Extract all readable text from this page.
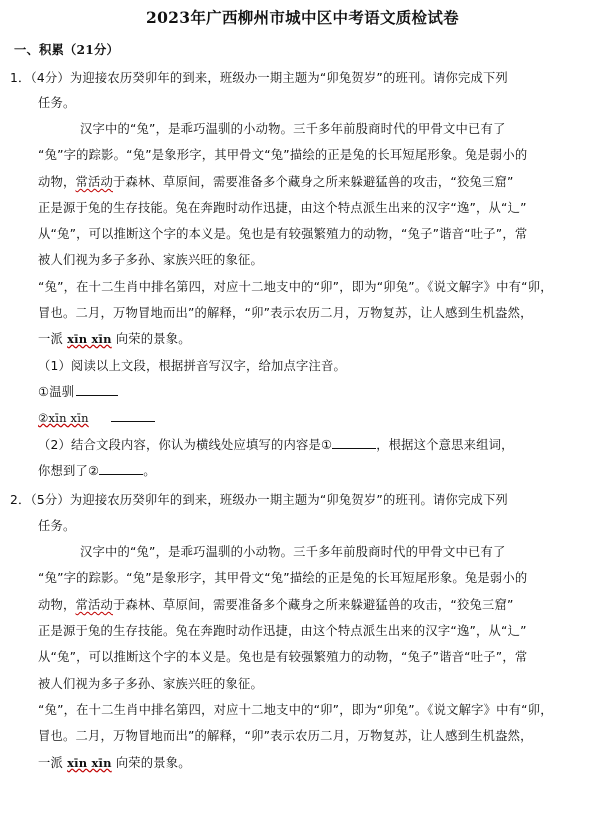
2023年广西柳州市城中区中考语文质检试卷
一、积累（21分）
1．（4分）为迎接农历癸卯年的到来，班级办一期主题为“卯兔贺岁”的班刊。请你完成下列
任务。
汉字中的“兔”，是乖巧温驯的小动物。三千多年前殷商时代的甲骨文中已有了
“兔”字的踪影。“兔”是象形字，其甲骨文“兔”描绘的正是兔的长耳短尾形象。兔是弱小的
动物，常活动于森林、草原间，需要准备多个藏身之所来躲避猛兽的攻击，“狡兔三窟”
正是源于兔的生存技能。兔在奔跑时动作迅捷，由这个特点派生出来的汉字“逸”，从“辶”
从“兔”，可以推断这个字的本义是。兔也是有较强繁殖力的动物，“兔子”谐音“吐子”，常
被人们视为多子多孙、家族兴旺的象征。
“兔”，在十二生肖中排名第四，对应十二地支中的“卯”，即为“卯兔”。《说文解字》中有“卯，
冒也。二月，万物冒地而出”的解释，“卯”表示农历二月，万物复苏，让人感到生机盎然，
一派 xīn xīn 向荣的景象。
（1）阅读以上文段，根据拼音写汉字，给加点字注音。
①温驯
②xīn xīn
（2）结合文段内容，你认为横线处应填写的内容是①	，根据这个意思来组词，
你想到了②	。
2．（5分）为迎接农历癸卯年的到来，班级办一期主题为“卯兔贺岁”的班刊。请你完成下列
任务。
汉字中的“兔”，是乖巧温驯的小动物。三千多年前殷商时代的甲骨文中已有了
“兔”字的踪影。“兔”是象形字，其甲骨文“兔”描绘的正是兔的长耳短尾形象。兔是弱小的
动物，常活动于森林、草原间，需要准备多个藏身之所来躲避猛兽的攻击，“狡兔三窟”
正是源于兔的生存技能。兔在奔跑时动作迅捷，由这个特点派生出来的汉字“逸”，从“辶”
从“兔”，可以推断这个字的本义是。兔也是有较强繁殖力的动物，“兔子”谐音“吐子”，常
被人们视为多子多孙、家族兴旺的象征。
“兔”，在十二生肖中排名第四，对应十二地支中的“卯”，即为“卯兔”。《说文解字》中有“卯，
冒也。二月，万物冒地而出”的解释，“卯”表示农历二月，万物复苏，让人感到生机盎然，
一派 xīn xīn 向荣的景象。
